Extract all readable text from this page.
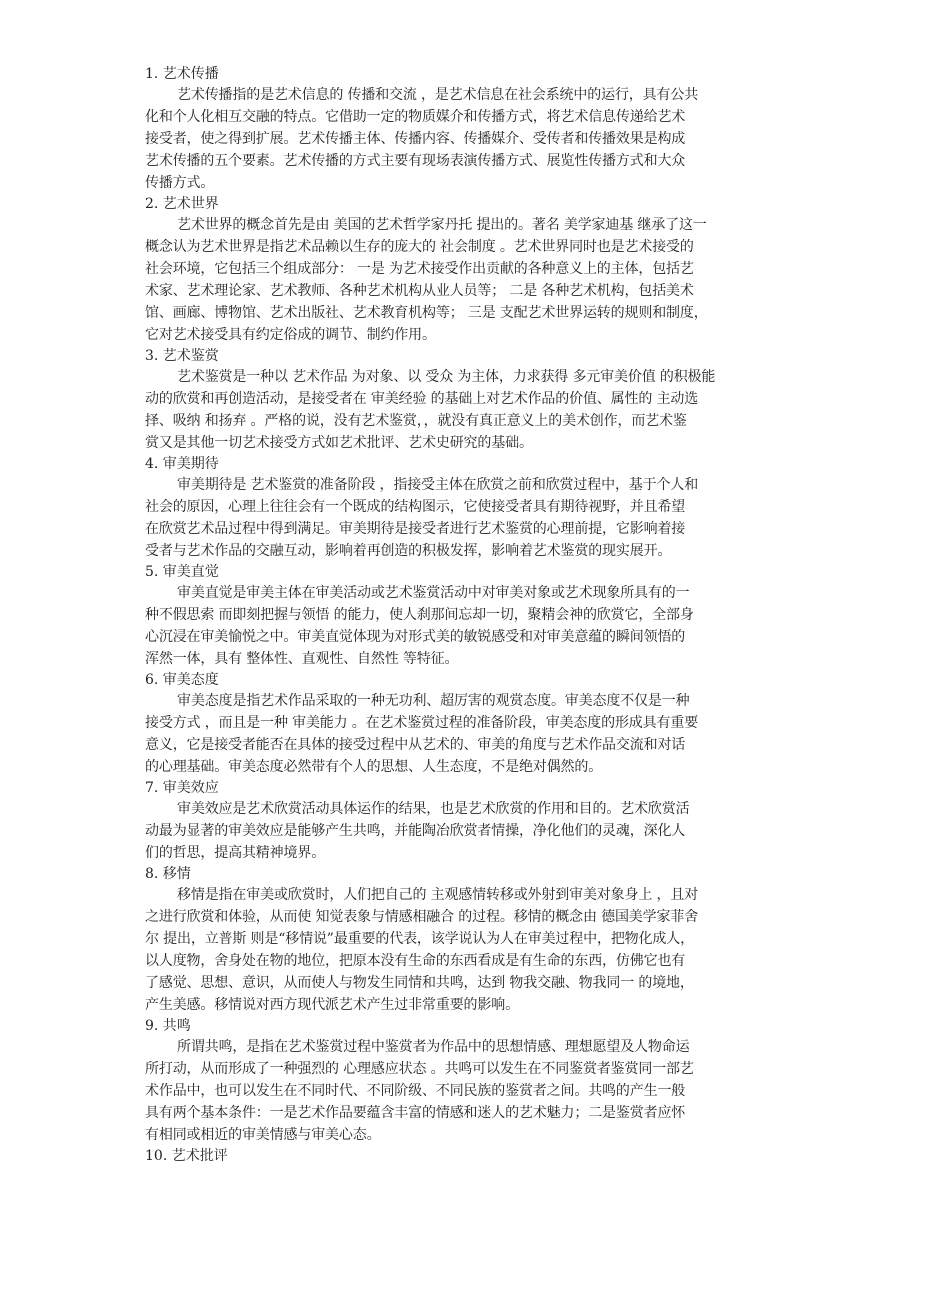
1. 艺术传播
艺术传播指的是艺术信息的 传播和交流 ，是艺术信息在社会系统中的运行，具有公共
化和个人化相互交融的特点。它借助一定的物质媒介和传播方式，将艺术信息传递给艺术
接受者，使之得到扩展。艺术传播主体、传播内容、传播媒介、受传者和传播效果是构成
艺术传播的五个要素。艺术传播的方式主要有现场表演传播方式、展览性传播方式和大众
传播方式。
2. 艺术世界
艺术世界的概念首先是由 美国的艺术哲学家丹托 提出的。著名 美学家迪基 继承了这一
概念认为艺术世界是指艺术品赖以生存的庞大的 社会制度 。艺术世界同时也是艺术接受的
社会环境，它包括三个组成部分： 一是 为艺术接受作出贡献的各种意义上的主体，包括艺
术家、艺术理论家、艺术教师、各种艺术机构从业人员等； 二是 各种艺术机构，包括美术
馆、画廊、博物馆、艺术出版社、艺术教育机构等； 三是 支配艺术世界运转的规则和制度，
它对艺术接受具有约定俗成的调节、制约作用。
3. 艺术鉴赏
艺术鉴赏是一种以 艺术作品 为对象、以 受众 为主体，力求获得 多元审美价值 的积极能
动的欣赏和再创造活动，是接受者在 审美经验 的基础上对艺术作品的价值、属性的 主动选
择、吸纳 和扬弃 。严格的说，没有艺术鉴赏，，就没有真正意义上的美术创作，而艺术鉴
赏又是其他一切艺术接受方式如艺术批评、艺术史研究的基础。
4. 审美期待
审美期待是 艺术鉴赏的准备阶段 ，指接受主体在欣赏之前和欣赏过程中，基于个人和
社会的原因，心理上往往会有一个既成的结构图示，它使接受者具有期待视野，并且希望
在欣赏艺术品过程中得到满足。审美期待是接受者进行艺术鉴赏的心理前提，它影响着接
受者与艺术作品的交融互动，影响着再创造的积极发挥，影响着艺术鉴赏的现实展开。
5. 审美直觉
审美直觉是审美主体在审美活动或艺术鉴赏活动中对审美对象或艺术现象所具有的一
种不假思索 而即刻把握与领悟 的能力，使人刹那间忘却一切，聚精会神的欣赏它，全部身
心沉浸在审美愉悦之中。审美直觉体现为对形式美的敏锐感受和对审美意蕴的瞬间领悟的
浑然一体，具有 整体性、直观性、自然性 等特征。
6. 审美态度
审美态度是指艺术作品采取的一种无功利、超厉害的观赏态度。审美态度不仅是一种
接受方式 ，而且是一种 审美能力 。在艺术鉴赏过程的准备阶段，审美态度的形成具有重要
意义，它是接受者能否在具体的接受过程中从艺术的、审美的角度与艺术作品交流和对话
的心理基础。审美态度必然带有个人的思想、人生态度，不是绝对偶然的。
7. 审美效应
审美效应是艺术欣赏活动具体运作的结果，也是艺术欣赏的作用和目的。艺术欣赏活
动最为显著的审美效应是能够产生共鸣，并能陶冶欣赏者情操，净化他们的灵魂，深化人
们的哲思，提高其精神境界。
8. 移情
移情是指在审美或欣赏时，人们把自己的 主观感情转移或外射到审美对象身上 ，且对
之进行欣赏和体验，从而使 知觉表象与情感相融合 的过程。移情的概念由 德国美学家菲舍
尔 提出，立普斯 则是“移情说”最重要的代表，该学说认为人在审美过程中，把物化成人，
以人度物，舍身处在物的地位，把原本没有生命的东西看成是有生命的东西，仿佛它也有
了感觉、思想、意识，从而使人与物发生同情和共鸣，达到 物我交融、物我同一 的境地，
产生美感。移情说对西方现代派艺术产生过非常重要的影响。
9. 共鸣
所谓共鸣，是指在艺术鉴赏过程中鉴赏者为作品中的思想情感、理想愿望及人物命运
所打动，从而形成了一种强烈的 心理感应状态 。共鸣可以发生在不同鉴赏者鉴赏同一部艺
术作品中，也可以发生在不同时代、不同阶级、不同民族的鉴赏者之间。共鸣的产生一般
具有两个基本条件：一是艺术作品要蕴含丰富的情感和迷人的艺术魅力；二是鉴赏者应怀
有相同或相近的审美情感与审美心态。
10. 艺术批评
